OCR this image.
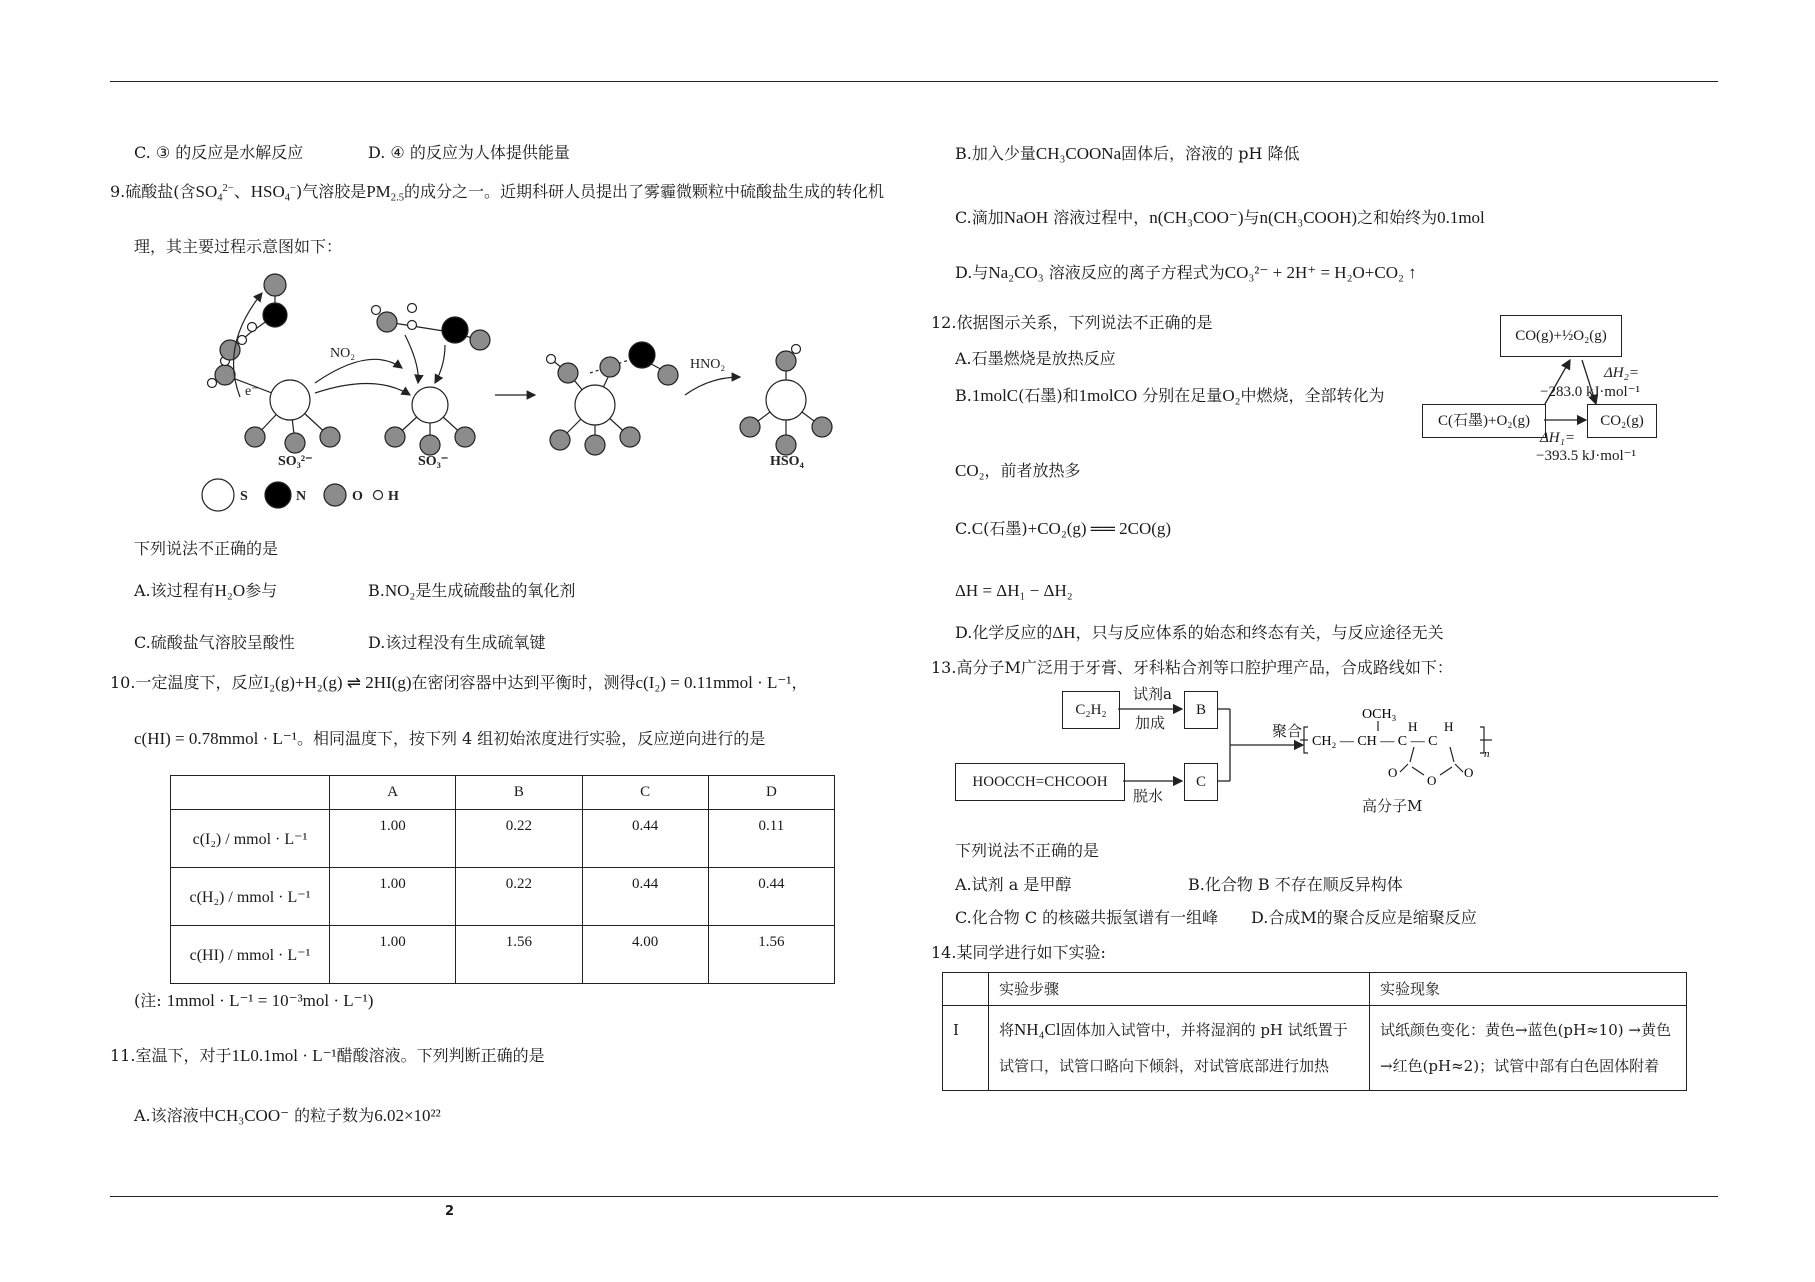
2
C. ③ 的反应是水解反应	D. ④ 的反应为人体提供能量
9.硫酸盐(含$SO_4^{2-}$、$HSO_4^-$)气溶胶是$PM_{2.5}$的成分之一。近期科研人员提出了雾霾微颗粒中硫酸盐生成的转化机
理，其主要过程示意图如下：
NO₂
HNO₂
e⁻
SO₃²⁻	SO₃⁻	HSO₄
S	N	O H
下列说法不正确的是
A.该过程有H₂O参与	B.NO₂是生成硫酸盐的氧化剂
C.硫酸盐气溶胶呈酸性	D.该过程没有生成硫氧键
10.一定温度下，反应I₂(g)+H₂(g) ⇌ 2HI(g)在密闭容器中达到平衡时，测得c(I₂) = 0.11mmol · L⁻¹，
c(HI) = 0.78mmol · L⁻¹。相同温度下，按下列 4 组初始浓度进行实验，反应逆向进行的是
	A	B	C	D
c(I₂) / mmol · L⁻¹	1.00	0.22	0.44	0.11
c(H₂) / mmol · L⁻¹	1.00	0.22	0.44	0.44
c(HI) / mmol · L⁻¹	1.00	1.56	4.00	1.56
(注: 1mmol · L⁻¹ = 10⁻³mol · L⁻¹)
11.室温下，对于1L0.1mol · L⁻¹醋酸溶液。下列判断正确的是
A.该溶液中CH₃COO⁻ 的粒子数为6.02×10²²
B.加入少量CH₃COONa固体后，溶液的 pH 降低
C.滴加NaOH 溶液过程中，n(CH₃COO⁻)与n(CH₃COOH)之和始终为0.1mol
D.与Na₂CO₃ 溶液反应的离子方程式为CO₃²⁻ + 2H⁺ = H₂O+CO₂ ↑
12.依据图示关系，下列说法不正确的是
A.石墨燃烧是放热反应
B.1molC(石墨)和1molCO 分别在足量O₂中燃烧，全部转化为
CO₂，前者放热多
C.C(石墨)+CO₂(g) ══ 2CO(g)
ΔH = ΔH₁ − ΔH₂
D.化学反应的ΔH，只与反应体系的始态和终态有关，与反应途径无关
CO(g)+½O₂(g)
C(石墨)+O₂(g)	CO₂(g)
ΔH₂=
−283.0 kJ·mol⁻¹
ΔH₁=
−393.5 kJ·mol⁻¹
13.高分子M广泛用于牙膏、牙科粘合剂等口腔护理产品，合成路线如下：
C₂H₂
试剂a
加成
B
HOOCCH=CHCOOH
脱水
C
聚合
OCH₃
H H
CH₂ — CH — C — C
O
O
O
n
高分子M
下列说法不正确的是
A.试剂 a 是甲醇	B.化合物 B 不存在顺反异构体
C.化合物 C 的核磁共振氢谱有一组峰 D.合成M的聚合反应是缩聚反应
14.某同学进行如下实验:
	实验步骤	实验现象
I	将NH₄Cl固体加入试管中，并将湿润的 pH 试纸置于试管口，试管口略向下倾斜，对试管底部进行加热	试纸颜色变化：黄色→蓝色(pH≈10) →黄色→红色(pH≈2)；试管中部有白色固体附着
